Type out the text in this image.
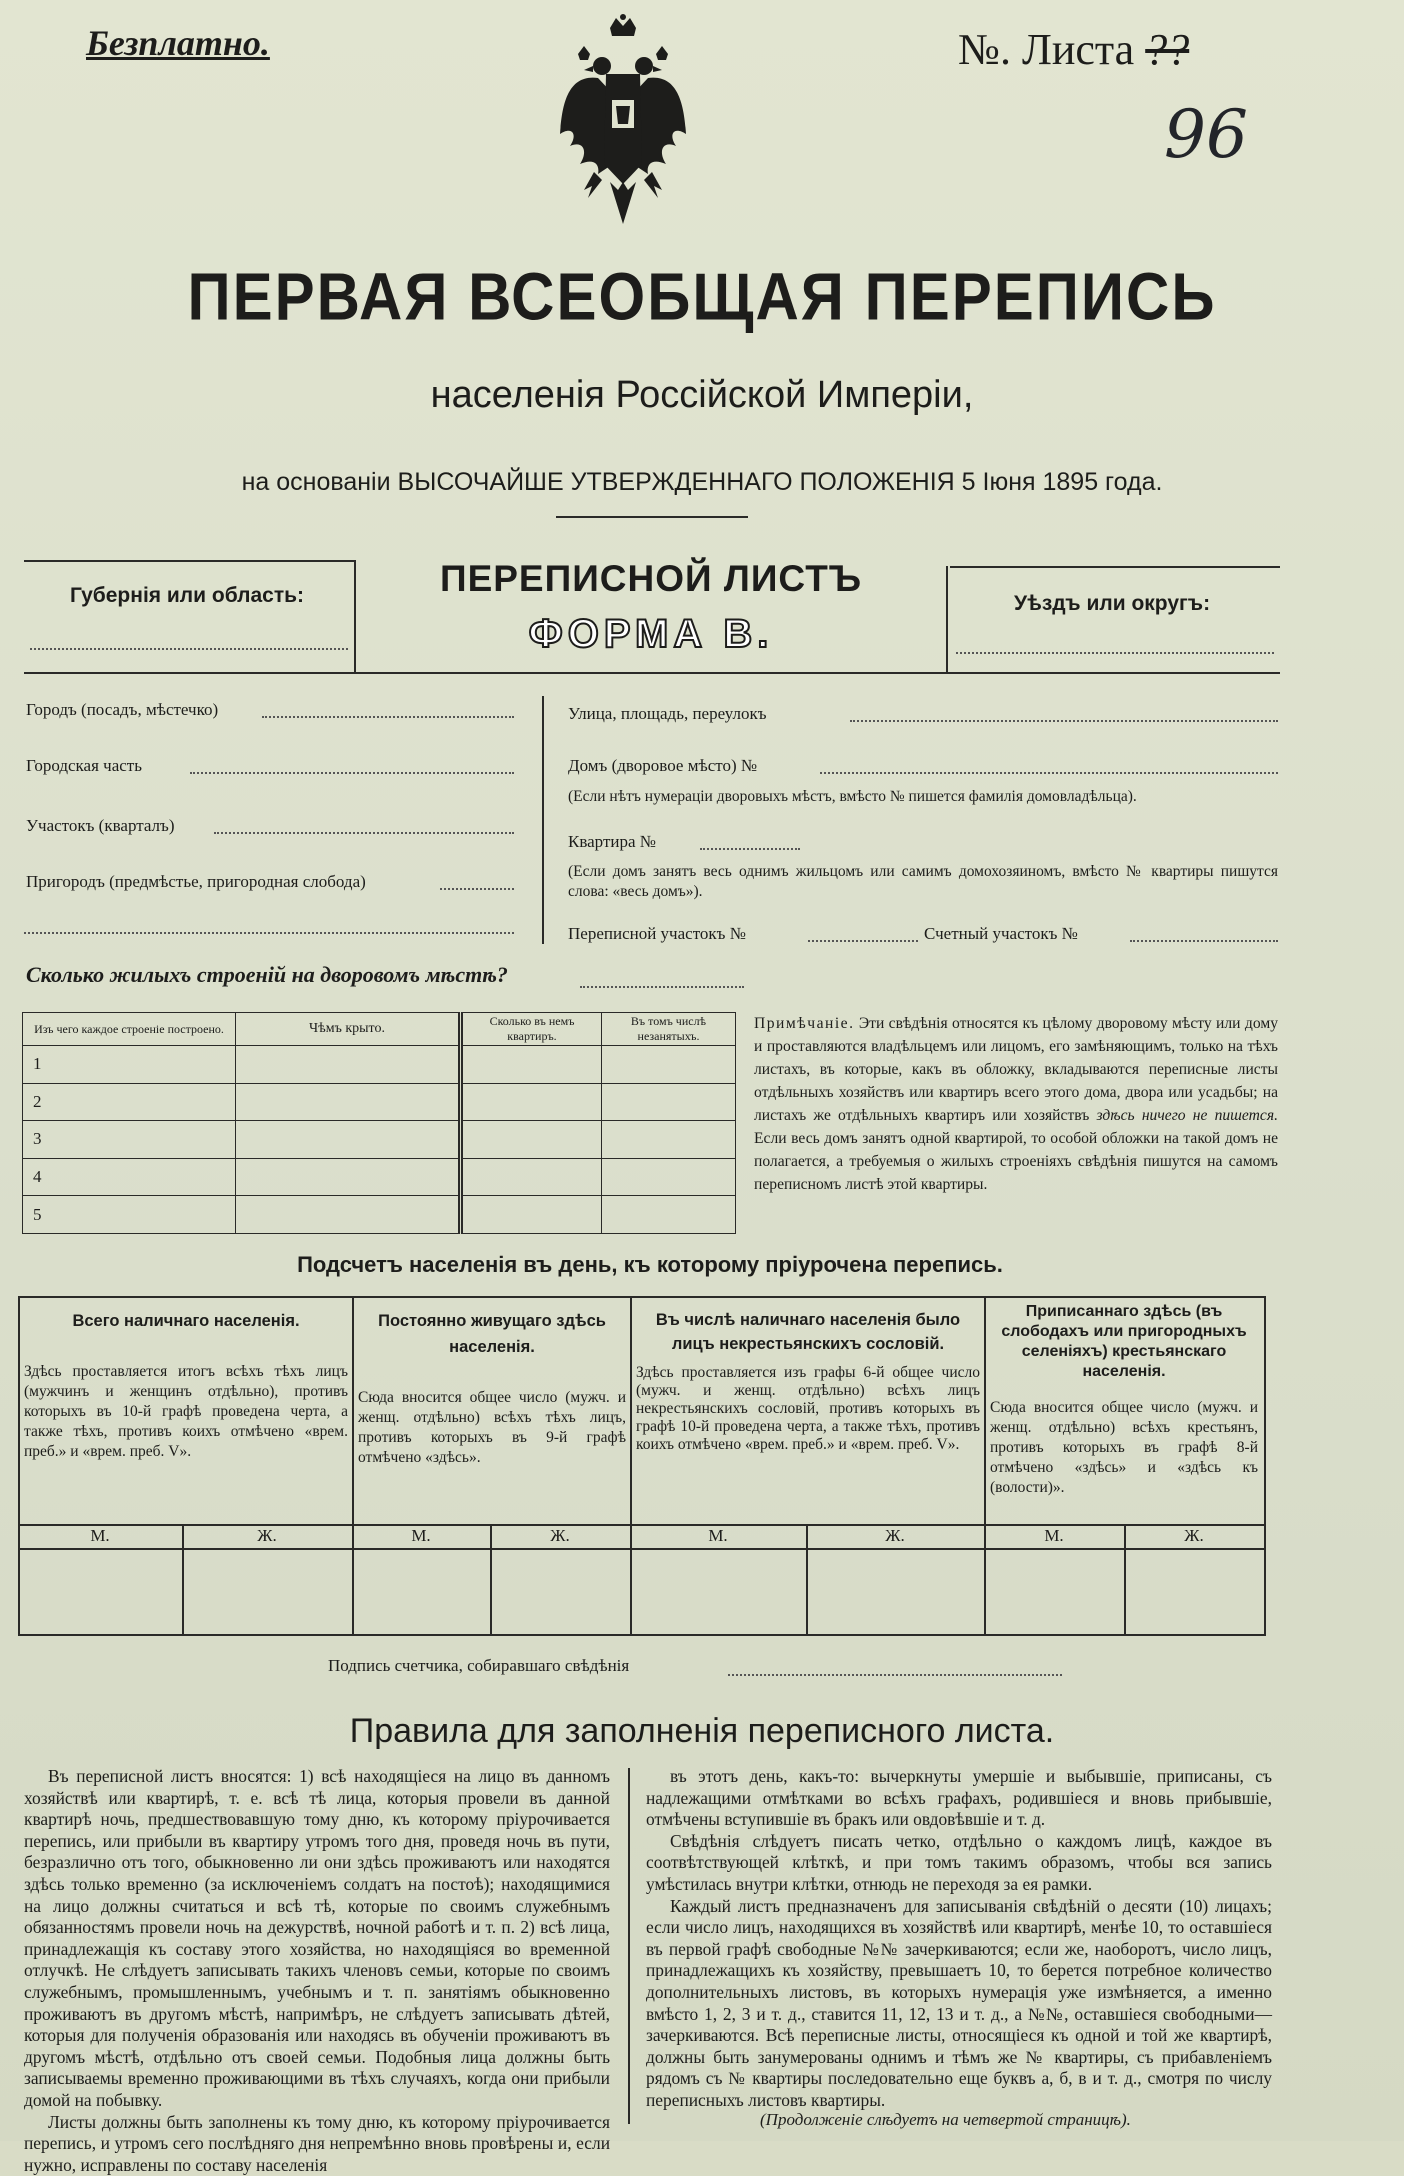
Безплатно.	№. Листа ??
96
ПЕРВАЯ ВСЕОБЩАЯ ПЕРЕПИСЬ
населенія Россійской Имперіи,
на основаніи ВЫСОЧАЙШЕ УТВЕРЖДЕННАГО ПОЛОЖЕНІЯ 5 Іюня 1895 года.
Губернія или область:	ПЕРЕПИСНОЙ ЛИСТЪ
ФОРМА В.
Уѣздъ или округъ:
Городъ (посадъ, мѣстечко)
Городская часть
Участокъ (кварталъ)
Пригородъ (предмѣстье, пригородная слобода)
Улица, площадь, переулокъ
Домъ (дворовое мѣсто) №
(Если нѣтъ нумераціи дворовыхъ мѣстъ, вмѣсто № пишется фамилія домовладѣльца).
Квартира №
(Если домъ занятъ весь однимъ жильцомъ или самимъ домохозяиномъ, вмѣсто № квартиры пишутся слова: «весь домъ»).
Переписной участокъ №	Счетный участокъ №
Сколько жилыхъ строеній на дворовомъ мѣстѣ?
Изъ чего каждое строеніе построено.	Чѣмъ крыто.	Сколько въ немъ квартиръ.	Въ томъ числѣ незанятыхъ.
1			
2			
3			
4			
5			
Примѣчаніе. Эти свѣдѣнія относятся къ цѣлому дворовому мѣсту или дому и проставляются владѣльцемъ или лицомъ, его замѣняющимъ, только на тѣхъ листахъ, въ которые, какъ въ обложку, вкладываются переписные листы отдѣльныхъ хозяйствъ или квартиръ всего этого дома, двора или усадьбы; на листахъ же отдѣльныхъ квартиръ или хозяйствъ здѣсь ничего не пишется. Если весь домъ занятъ одной квартирой, то особой обложки на такой домъ не полагается, а требуемыя о жилыхъ строеніяхъ свѣдѣнія пишутся на самомъ переписномъ листѣ этой квартиры.
Подсчетъ населенія въ день, къ которому пріурочена перепись.
Всего наличнаго населенія.
Здѣсь проставляется итогъ всѣхъ тѣхъ лицъ (мужчинъ и женщинъ отдѣльно), противъ которыхъ въ 10-й графѣ проведена черта, а также тѣхъ, противъ коихъ отмѣчено «врем. преб.» и «врем. преб. V».
Постоянно живущаго здѣсь населенія.
Сюда вносится общее число (мужч. и женщ. отдѣльно) всѣхъ тѣхъ лицъ, противъ которыхъ въ 9-й графѣ отмѣчено «здѣсь».
Въ числѣ наличнаго населенія было лицъ некрестьянскихъ сословій.
Здѣсь проставляется изъ графы 6-й общее число (мужч. и женщ. отдѣльно) всѣхъ лицъ некрестьянскихъ сословій, противъ которыхъ въ графѣ 10-й проведена черта, а также тѣхъ, противъ коихъ отмѣчено «врем. преб.» и «врем. преб. V».
Приписаннаго здѣсь (въ слободахъ или пригородныхъ селеніяхъ) крестьянскаго населенія.
Сюда вносится общее число (мужч. и женщ. отдѣльно) всѣхъ крестьянъ, противъ которыхъ въ графѣ 8-й отмѣчено «здѣсь» и «здѣсь къ (волости)».
М.	Ж.	М.	Ж.	М.	Ж.	М.	Ж.
Подпись счетчика, собиравшаго свѣдѣнія
Правила для заполненія переписного листа.

Въ переписной листъ вносятся: 1) всѣ находящіеся на лицо въ данномъ хозяйствѣ или квартирѣ, т. е. всѣ тѣ лица, которыя провели въ данной квартирѣ ночь, предшествовавшую тому дню, къ которому пріурочивается перепись, или прибыли въ квартиру утромъ того дня, проведя ночь въ пути, безразлично отъ того, обыкновенно ли они здѣсь проживаютъ или находятся здѣсь только временно (за исключеніемъ солдатъ на постоѣ); находящимися на лицо должны считаться и всѣ тѣ, которые по своимъ служебнымъ обязанностямъ провели ночь на дежурствѣ, ночной работѣ и т. п. 2) всѣ лица, принадлежащія къ составу этого хозяйства, но находящіяся во временной отлучкѣ. Не слѣдуетъ записывать такихъ членовъ семьи, которые по своимъ служебнымъ, промышленнымъ, учебнымъ и т. п. занятіямъ обыкновенно проживаютъ въ другомъ мѣстѣ, напримѣръ, не слѣдуетъ записывать дѣтей, которыя для полученія образованія или находясь въ обученіи проживаютъ въ другомъ мѣстѣ, отдѣльно отъ своей семьи. Подобныя лица должны быть записываемы временно проживающими въ тѣхъ случаяхъ, когда они прибыли домой на побывку.

Листы должны быть заполнены къ тому дню, къ которому пріурочивается перепись, и утромъ сего послѣдняго дня непремѣнно вновь провѣрены и, если нужно, исправлены по составу населенія

въ этотъ день, какъ-то: вычеркнуты умершіе и выбывшіе, приписаны, съ надлежащими отмѣтками во всѣхъ графахъ, родившіеся и вновь прибывшіе, отмѣчены вступившіе въ бракъ или овдовѣвшіе и т. д.

Свѣдѣнія слѣдуетъ писать четко, отдѣльно о каждомъ лицѣ, каждое въ соотвѣтствующей клѣткѣ, и при томъ такимъ образомъ, чтобы вся запись умѣстилась внутри клѣтки, отнюдь не переходя за ея рамки.

Каждый листъ предназначенъ для записыванія свѣдѣній о десяти (10) лицахъ; если число лицъ, находящихся въ хозяйствѣ или квартирѣ, менѣе 10, то оставшіеся въ первой графѣ свободные №№ зачеркиваются; если же, наоборотъ, число лицъ, принадлежащихъ къ хозяйству, превышаетъ 10, то берется потребное количество дополнительныхъ листовъ, въ которыхъ нумерація уже измѣняется, а именно вмѣсто 1, 2, 3 и т. д., ставится 11, 12, 13 и т. д., а №№, оставшіеся свободными—зачеркиваются. Всѣ переписные листы, относящіеся къ одной и той же квартирѣ, должны быть занумерованы однимъ и тѣмъ же № квартиры, съ прибавленіемъ рядомъ съ № квартиры последовательно еще буквъ а, б, в и т. д., смотря по числу переписныхъ листовъ квартиры.

(Продолженіе слѣдуетъ на четвертой страницѣ).
